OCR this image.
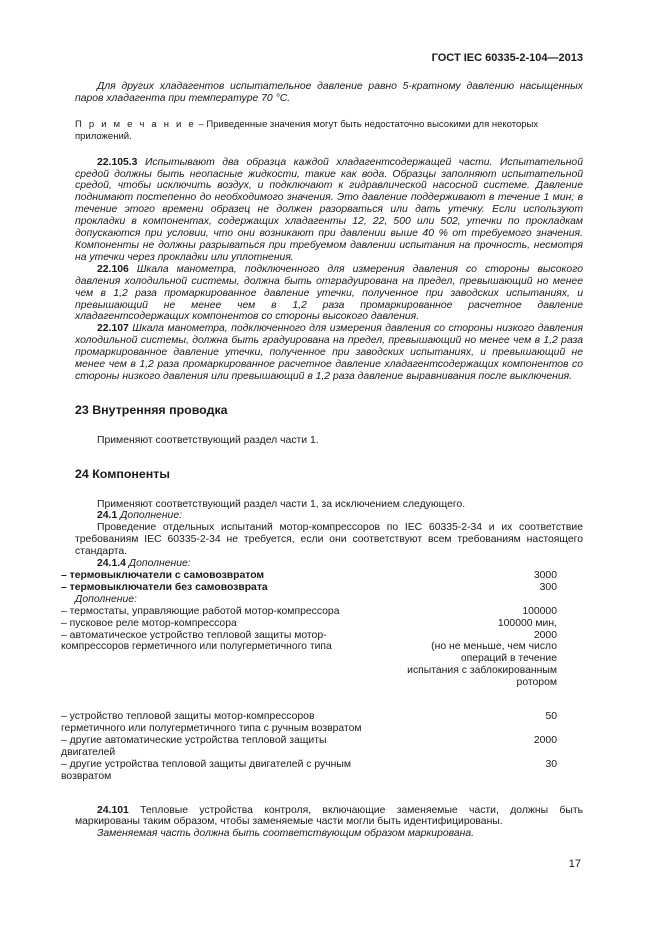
ГОСТ IEC 60335-2-104—2013

Для других хладагентов испытательное давление равно 5-кратному давлению насыщенных паров хладагента при температуре 70 °C.

П р и м е ч а н и е – Приведенные значения могут быть недостаточно высокими для некоторых приложений.

22.105.3 Испытывают два образца каждой хладагентсодержащей части. Испытательной средой должны быть неопасные жидкости, такие как вода. Образцы заполняют испытательной средой, чтобы исключить воздух, и подключают к гидравлической насосной системе. Давление поднимают постепенно до необходимого значения. Это давление поддерживают в течение 1 мин; в течение этого времени образец не должен разорваться или дать утечку. Если используют прокладки в компонентах, содержащих хладагенты 12, 22, 500 или 502, утечки по прокладкам допускаются при условии, что они возникают при давлении выше 40 % от требуемого значения. Компоненты не должны разрываться при требуемом давлении испытания на прочность, несмотря на утечки через прокладки или уплотнения.

22.106 Шкала манометра, подключенного для измерения давления со стороны высокого давления холодильной системы, должна быть отградуирована на предел, превышающий но менее чем в 1,2 раза промаркированное давление утечки, полученное при заводских испытаниях, и превышающий не менее чем в 1,2 раза промаркированное расчетное давление хладагентсодержащих компонентов со стороны высокого давления.

22.107 Шкала манометра, подключенного для измерения давления со стороны низкого давления холодильной системы, должна быть градуирована на предел, превышающий но менее чем в 1,2 раза промаркированное давление утечки, полученное при заводских испытаниях, и превышающий не менее чем в 1,2 раза промаркированное расчетное давление хладагентсодержащих компонентов со стороны низкого давления или превышающий в 1,2 раза давление выравнивания после выключения.

23 Внутренняя проводка

Применяют соответствующий раздел части 1.

24 Компоненты

Применяют соответствующий раздел части 1, за исключением следующего.

24.1 Дополнение:

Проведение отдельных испытаний мотор-компрессоров по IEC 60335-2-34 и их соответствие требованиям IEC 60335-2-34 не требуется, если они соответствуют всем требованиям настоящего стандарта.

24.1.4 Дополнение:

– термовыключатели с самовозвратом	3000
– термовыключатели без самовозврата	300
Дополнение:	
– термостаты, управляющие работой мотор-компрессора	100000
– пусковое реле мотор-компрессора	100000 мин,
– автоматическое устройство тепловой защиты мотор-компрессоров герметичного или полугерметичного типа	2000
(но не меньше, чем число
операций в течение
испытания с заблокированным
ротором

– устройство тепловой защиты мотор-компрессоров герметичного или полугерметичного типа с ручным возвратом	50
– другие автоматические устройства тепловой защиты двигателей	2000
– другие устройства тепловой защиты двигателей с ручным возвратом	30

24.101 Тепловые устройства контроля, включающие заменяемые части, должны быть маркированы таким образом, чтобы заменяемые части могли быть идентифицированы.

Заменяемая часть должна быть соответствующим образом маркирована.

17
